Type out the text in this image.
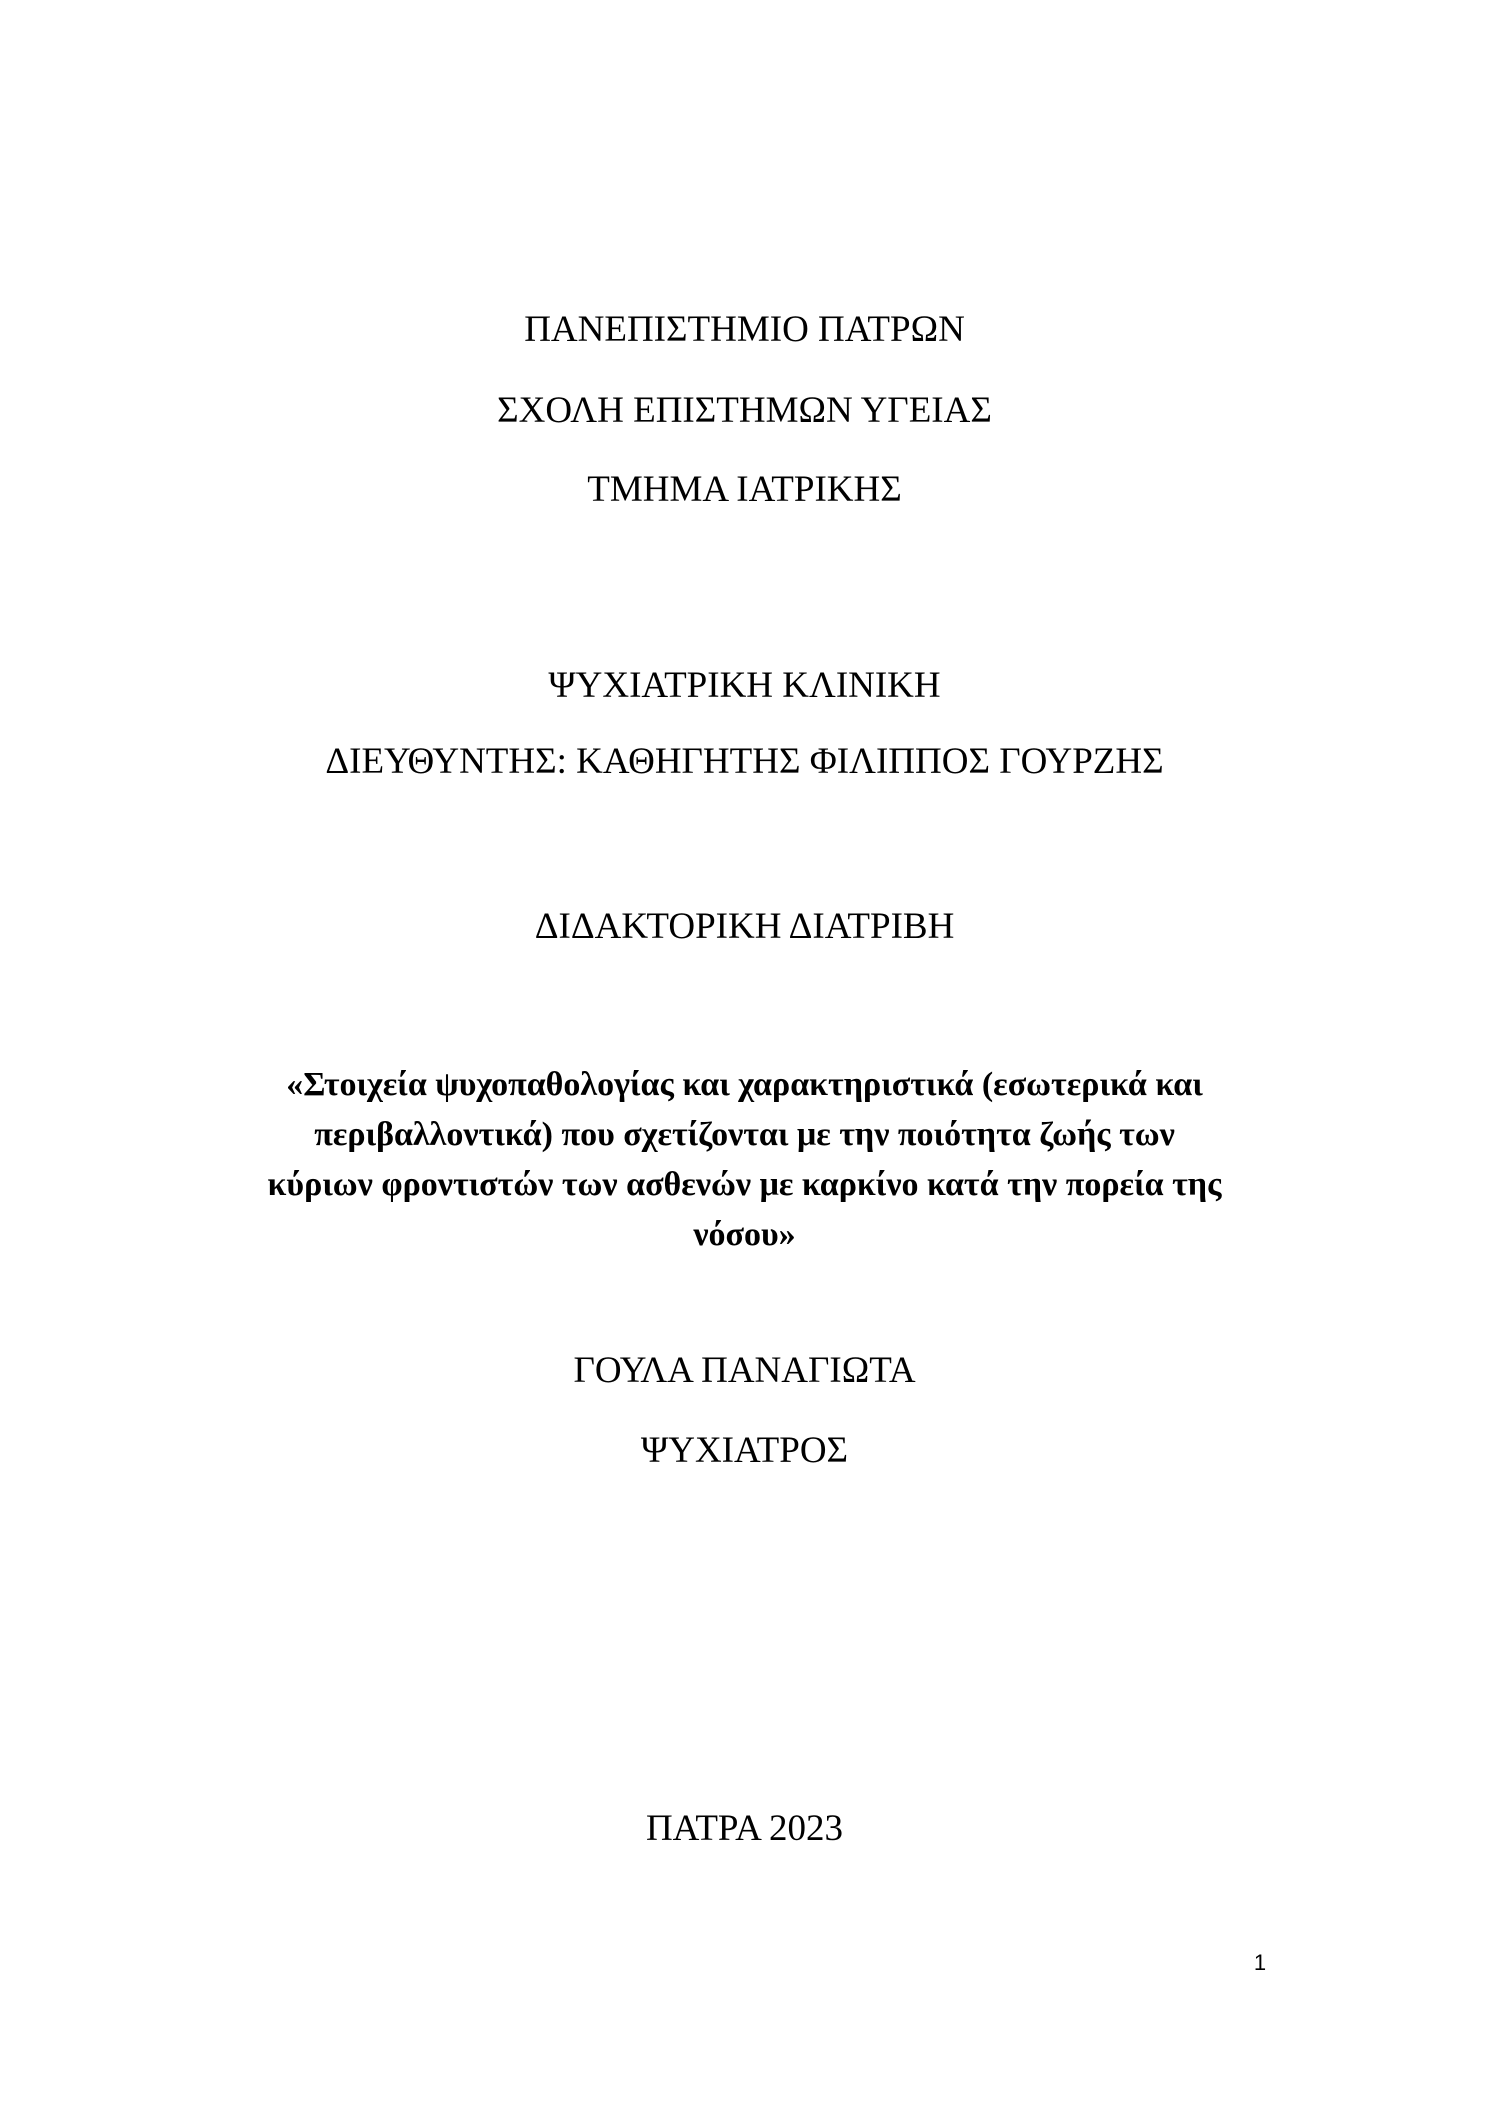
ΠΑΝΕΠΙΣΤΗΜΙΟ ΠΑΤΡΩΝ
ΣΧΟΛΗ ΕΠΙΣΤΗΜΩΝ ΥΓΕΙΑΣ
ΤΜΗΜΑ ΙΑΤΡΙΚΗΣ
ΨΥΧΙΑΤΡΙΚΗ ΚΛΙΝΙΚΗ
ΔΙΕΥΘΥΝΤΗΣ: ΚΑΘΗΓΗΤΗΣ ΦΙΛΙΠΠΟΣ ΓΟΥΡΖΗΣ
ΔΙΔΑΚΤΟΡΙΚΗ ΔΙΑΤΡΙΒΗ
«Στοιχεία ψυχοπαθολογίας και χαρακτηριστικά (εσωτερικά και
περιβαλλοντικά) που σχετίζονται με την ποιότητα ζωής των
κύριων φροντιστών των ασθενών με καρκίνο κατά την πορεία της
νόσου»
ΓΟΥΛΑ ΠΑΝΑΓΙΩΤΑ
ΨΥΧΙΑΤΡΟΣ
ΠΑΤΡΑ 2023
1
